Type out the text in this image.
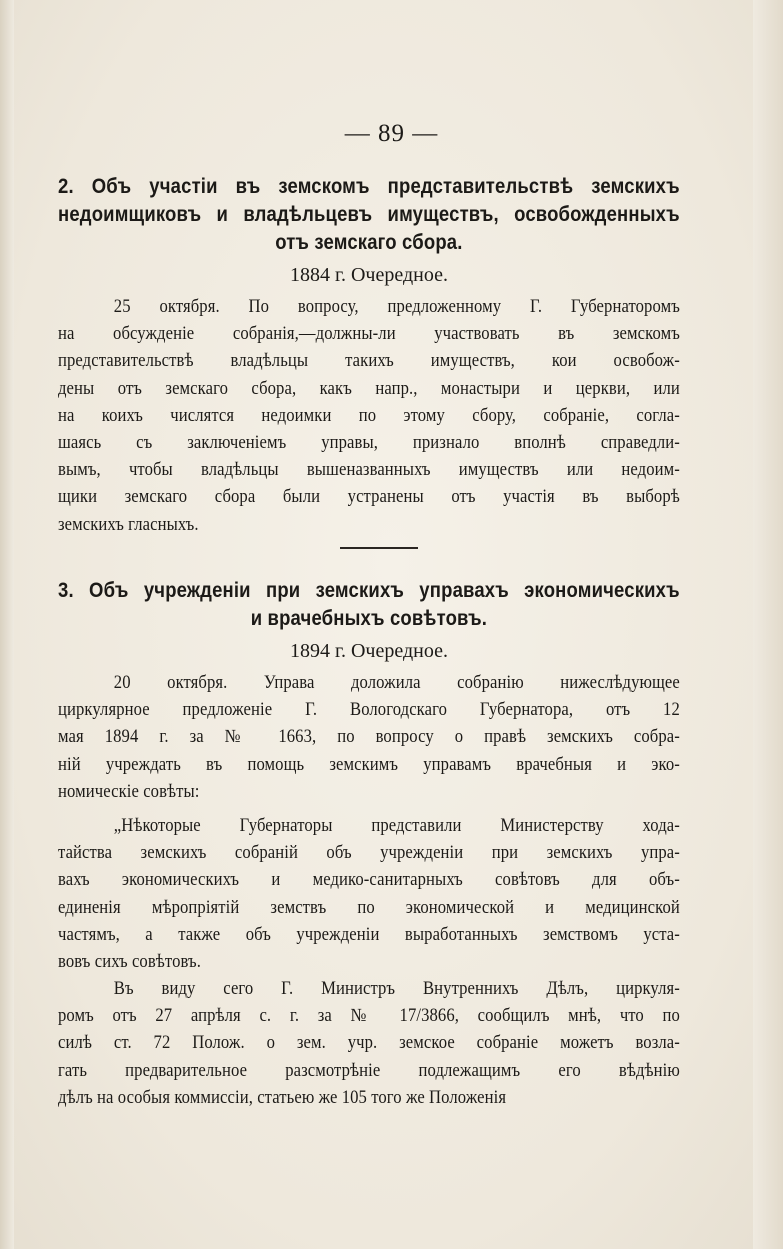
— 89 —
2. Объ участіи въ земскомъ представительствѣ земскихъ
недоимщиковъ и владѣльцевъ имуществъ, освобожденныхъ
отъ земскаго сбора.
1884 г. Очередное.
25 октября. По вопросу, предложенному Г. Губернаторомъ
на обсужденіе собранія,—должны-ли участвовать въ земскомъ
представительствѣ владѣльцы такихъ имуществъ, кои освобож-
дены отъ земскаго сбора, какъ напр., монастыри и церкви, или
на коихъ числятся недоимки по этому сбору, собраніе, согла-
шаясь съ заключеніемъ управы, признало вполнѣ справедли-
вымъ, чтобы владѣльцы вышеназванныхъ имуществъ или недоим-
щики земскаго сбора были устранены отъ участія въ выборѣ
земскихъ гласныхъ.
3. Объ учрежденіи при земскихъ управахъ экономическихъ
и врачебныхъ совѣтовъ.
1894 г. Очередное.
20 октября. Управа доложила собранію нижеслѣдующее
циркулярное предложеніе Г. Вологодскаго Губернатора, отъ 12
мая 1894 г. за № 1663, по вопросу о правѣ земскихъ собра-
ній учреждать въ помощь земскимъ управамъ врачебныя и эко-
номическіе совѣты:
„Нѣкоторые Губернаторы представили Министерству хода-
тайства земскихъ собраній объ учрежденіи при земскихъ упра-
вахъ экономическихъ и медико-санитарныхъ совѣтовъ для объ-
единенія мѣропріятій земствъ по экономической и медицинской
частямъ, а также объ учрежденіи выработанныхъ земствомъ уста-
вовъ сихъ совѣтовъ.
Въ виду сего Г. Министръ Внутреннихъ Дѣлъ, циркуля-
ромъ отъ 27 апрѣля с. г. за № 17/3866, сообщилъ мнѣ, что по
силѣ ст. 72 Полож. о зем. учр. земское собраніе можетъ возла-
гать предварительное разсмотрѣніе подлежащимъ его вѣдѣнію
дѣлъ на особыя коммиссіи, статьею же 105 того же Положенія
